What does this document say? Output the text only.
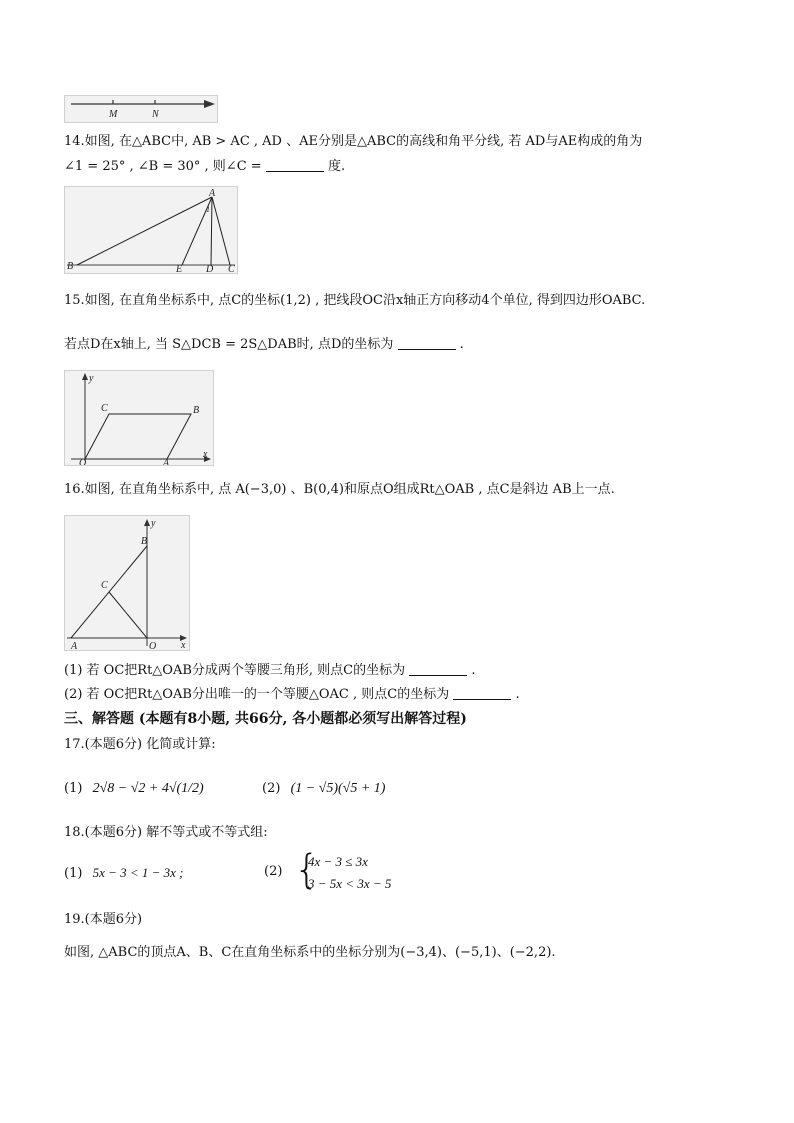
M	N
14.如图, 在△ABC中, AB > AC , AD 、AE分别是△ABC的高线和角平分线, 若 AD与AE构成的角为
∠1 = 25° , ∠B = 30° , 则∠C =	度.
A
1
B	E D C
15.如图, 在直角坐标系中, 点C的坐标(1,2) , 把线段OC沿x轴正方向移动4个单位, 得到四边形OABC.
若点D在x轴上, 当 S△DCB = 2S△DAB时, 点D的坐标为	.
y
x
C	B
O	A
16.如图, 在直角坐标系中, 点 A(−3,0) 、B(0,4)和原点O组成Rt△OAB , 点C是斜边 AB上一点.
y
x
B
C
A	O
(1) 若 OC把Rt△OAB分成两个等腰三角形, 则点C的坐标为	.
(2) 若 OC把Rt△OAB分出唯一的一个等腰△OAC , 则点C的坐标为	.
三、解答题 (本题有8小题, 共66分, 各小题都必须写出解答过程)
17.(本题6分) 化简或计算:
(1) 2√8 − √2 + 4√(1/2)	(2) (1 − √5)(√5 + 1)
18.(本题6分) 解不等式或不等式组:
(1) 5x − 3 < 1 − 3x ;	(2) {
4x − 3 ≤ 3x
3 − 5x < 3x − 5
19.(本题6分)
如图, △ABC的顶点A、B、C在直角坐标系中的坐标分别为(−3,4)、(−5,1)、(−2,2).
